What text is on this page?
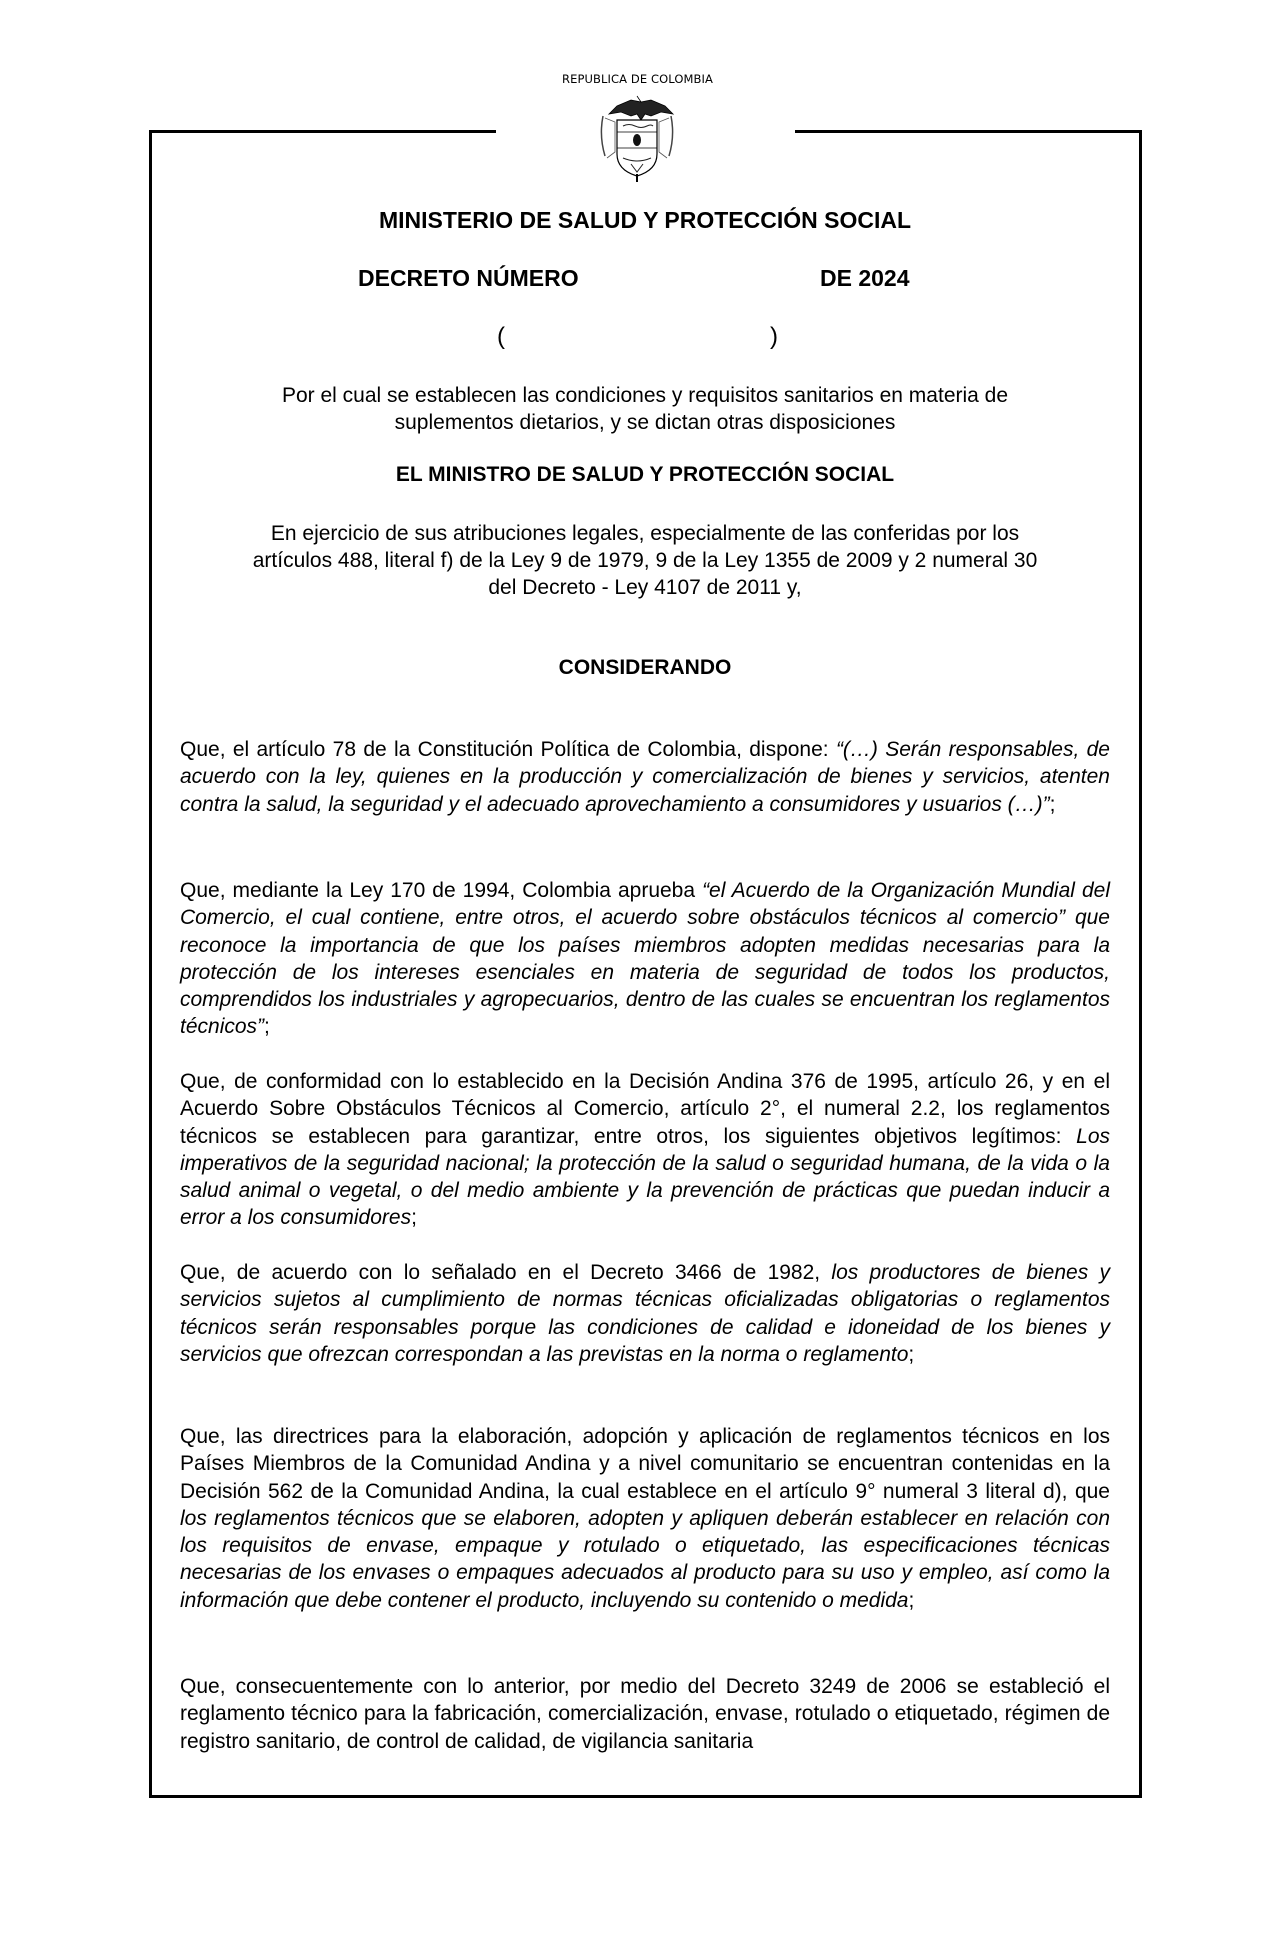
REPUBLICA DE COLOMBIA
MINISTERIO DE SALUD Y PROTECCIÓN SOCIAL
DECRETO NÚMERO	DE 2024
(	)
Por el cual se establecen las condiciones y requisitos sanitarios en materia de
suplementos dietarios, y se dictan otras disposiciones
EL MINISTRO DE SALUD Y PROTECCIÓN SOCIAL
En ejercicio de sus atribuciones legales, especialmente de las conferidas por los
artículos 488, literal f) de la Ley 9 de 1979, 9 de la Ley 1355 de 2009 y 2 numeral 30
del Decreto - Ley 4107 de 2011 y,
CONSIDERANDO
Que, el artículo 78 de la Constitución Política de Colombia, dispone: “(…) Serán responsables, de acuerdo con la ley, quienes en la producción y comercialización de bienes y servicios, atenten contra la salud, la seguridad y el adecuado aprovechamiento a consumidores y usuarios (…)”;
Que, mediante la Ley 170 de 1994, Colombia aprueba “el Acuerdo de la Organización Mundial del Comercio, el cual contiene, entre otros, el acuerdo sobre obstáculos técnicos al comercio” que reconoce la importancia de que los países miembros adopten medidas necesarias para la protección de los intereses esenciales en materia de seguridad de todos los productos, comprendidos los industriales y agropecuarios, dentro de las cuales se encuentran los reglamentos técnicos”;
Que, de conformidad con lo establecido en la Decisión Andina 376 de 1995, artículo 26, y en el Acuerdo Sobre Obstáculos Técnicos al Comercio, artículo 2°, el numeral 2.2, los reglamentos técnicos se establecen para garantizar, entre otros, los siguientes objetivos legítimos: Los imperativos de la seguridad nacional; la protección de la salud o seguridad humana, de la vida o la salud animal o vegetal, o del medio ambiente y la prevención de prácticas que puedan inducir a error a los consumidores;
Que, de acuerdo con lo señalado en el Decreto 3466 de 1982, los productores de bienes y servicios sujetos al cumplimiento de normas técnicas oficializadas obligatorias o reglamentos técnicos serán responsables porque las condiciones de calidad e idoneidad de los bienes y servicios que ofrezcan correspondan a las previstas en la norma o reglamento;
Que, las directrices para la elaboración, adopción y aplicación de reglamentos técnicos en los Países Miembros de la Comunidad Andina y a nivel comunitario se encuentran contenidas en la Decisión 562 de la Comunidad Andina, la cual establece en el artículo 9° numeral 3 literal d), que los reglamentos técnicos que se elaboren, adopten y apliquen deberán establecer en relación con los requisitos de envase, empaque y rotulado o etiquetado, las especificaciones técnicas necesarias de los envases o empaques adecuados al producto para su uso y empleo, así como la información que debe contener el producto, incluyendo su contenido o medida;
Que, consecuentemente con lo anterior, por medio del Decreto 3249 de 2006 se estableció el reglamento técnico para la fabricación, comercialización, envase, rotulado o etiquetado, régimen de registro sanitario, de control de calidad, de vigilancia sanitaria
